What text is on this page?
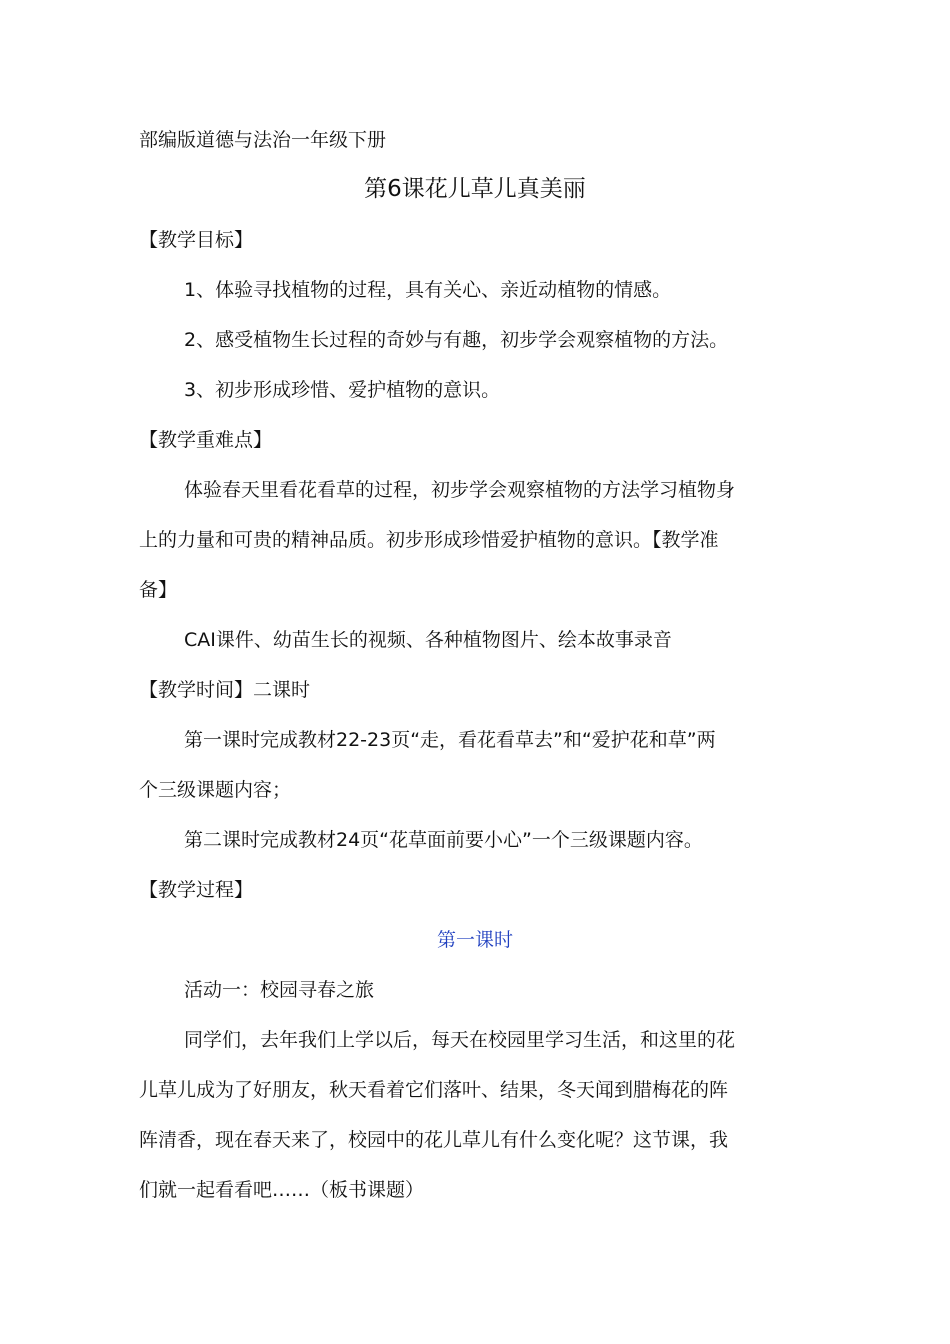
部编版道德与法治一年级下册
第6课花儿草儿真美丽
【教学目标】
1、体验寻找植物的过程，具有关心、亲近动植物的情感。
2、感受植物生长过程的奇妙与有趣，初步学会观察植物的方法。
3、初步形成珍惜、爱护植物的意识。
【教学重难点】
体验春天里看花看草的过程，初步学会观察植物的方法学习植物身
上的力量和可贵的精神品质。初步形成珍惜爱护植物的意识。【教学准
备】
CAI课件、幼苗生长的视频、各种植物图片、绘本故事录音
【教学时间】二课时
第一课时完成教材22-23页“走，看花看草去”和“爱护花和草”两
个三级课题内容；
第二课时完成教材24页“花草面前要小心”一个三级课题内容。
【教学过程】
第一课时
活动一：校园寻春之旅
同学们，去年我们上学以后，每天在校园里学习生活，和这里的花
儿草儿成为了好朋友，秋天看着它们落叶、结果，冬天闻到腊梅花的阵
阵清香，现在春天来了，校园中的花儿草儿有什么变化呢？这节课，我
们就一起看看吧……（板书课题）
